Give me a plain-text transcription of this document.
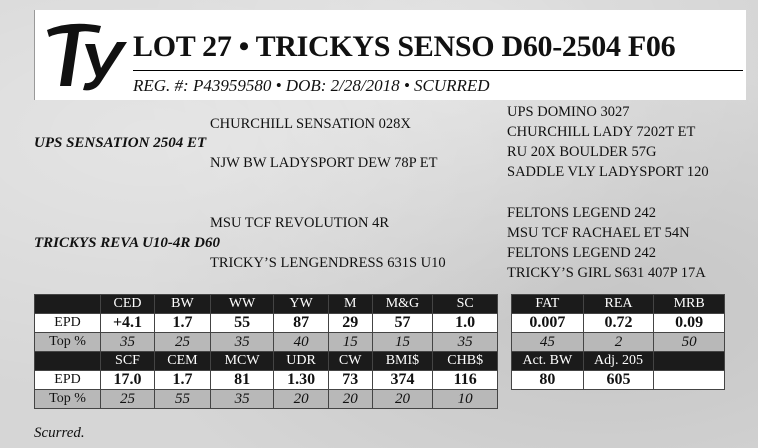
LOT 27 • TRICKYS SENSO D60-2504 F06
REG. #: P43959580 • DOB: 2/28/2018 • SCURRED
UPS DOMINO 3027
CHURCHILL SENSATION 028X	CHURCHILL LADY 7202T ET
UPS SENSATION 2504 ET
RU 20X BOULDER 57G
NJW BW LADYSPORT DEW 78P ET
SADDLE VLY LADYSPORT 120
FELTONS LEGEND 242
MSU TCF REVOLUTION 4R
MSU TCF RACHAEL ET 54N
TRICKYS REVA U10-4R D60
FELTONS LEGEND 242
TRICKY’S LENGENDRESS 631S U10
TRICKY’S GIRL S631 407P 17A
	CED	BW	WW	YW	M	M&G	SC
EPD	+4.1	1.7	55	87	29	57	1.0
Top %	35	25	35	40	15	15	35
	SCF	CEM	MCW	UDR	CW	BMI$	CHB$
EPD	17.0	1.7	81	1.30	73	374	116
Top %	25	55	35	20	20	20	10
FAT	REA	MRB
0.007	0.72	0.09
45	2	50
Act. BW	Adj. 205	
80	605	
Scurred.
